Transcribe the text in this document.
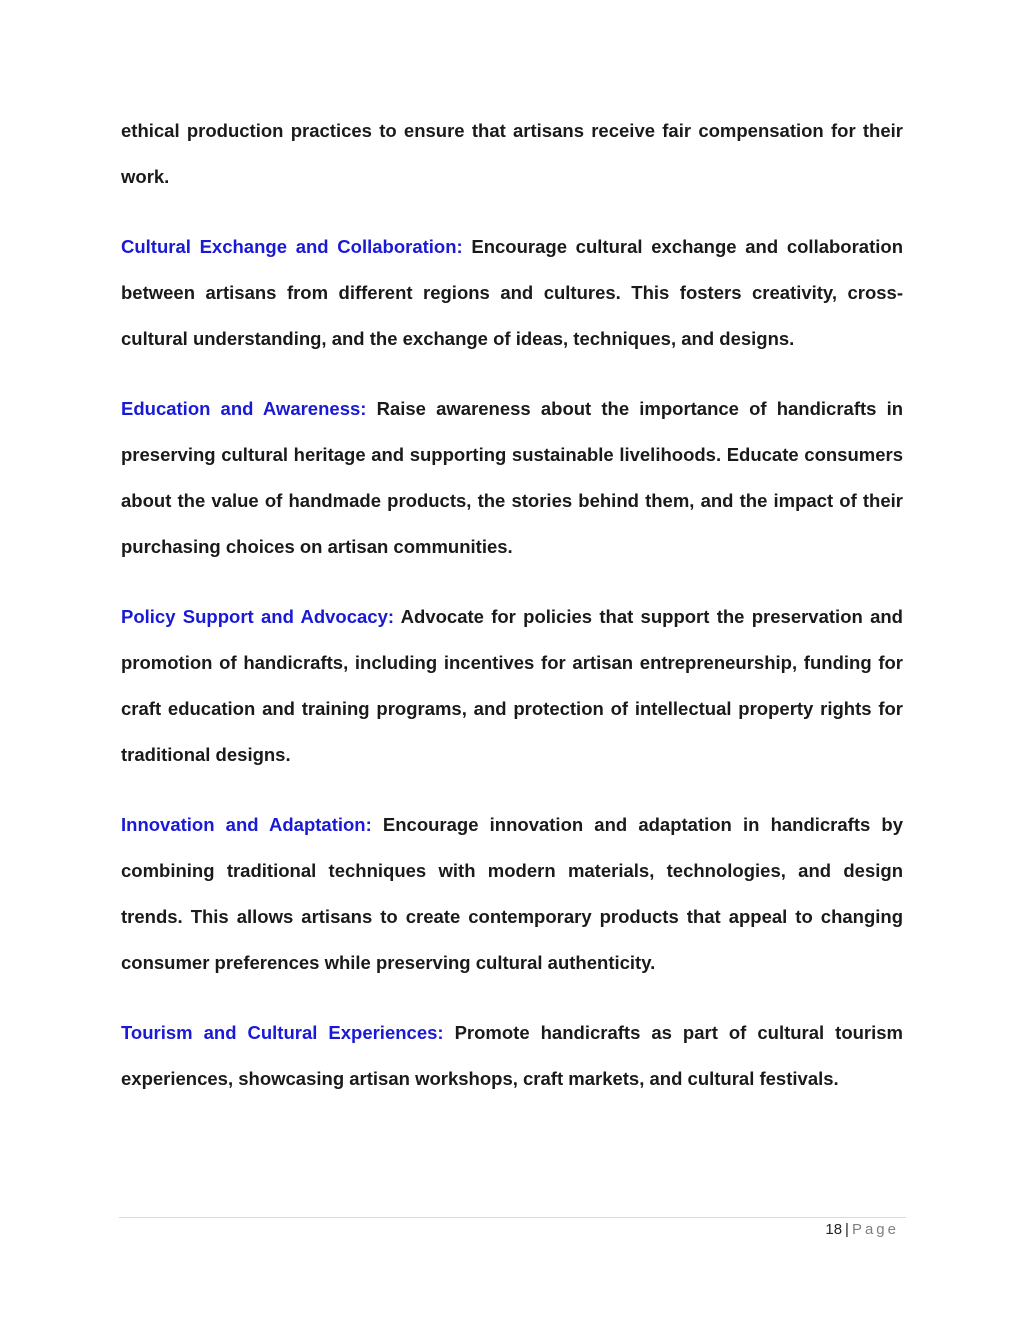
ethical production practices to ensure that artisans receive fair compensation for their work.

Cultural Exchange and Collaboration: Encourage cultural exchange and collaboration between artisans from different regions and cultures. This fosters creativity, cross-cultural understanding, and the exchange of ideas, techniques, and designs.

Education and Awareness: Raise awareness about the importance of handicrafts in preserving cultural heritage and supporting sustainable livelihoods. Educate consumers about the value of handmade products, the stories behind them, and the impact of their purchasing choices on artisan communities.

Policy Support and Advocacy: Advocate for policies that support the preservation and promotion of handicrafts, including incentives for artisan entrepreneurship, funding for craft education and training programs, and protection of intellectual property rights for traditional designs.

Innovation and Adaptation: Encourage innovation and adaptation in handicrafts by combining traditional techniques with modern materials, technologies, and design trends. This allows artisans to create contemporary products that appeal to changing consumer preferences while preserving cultural authenticity.

Tourism and Cultural Experiences: Promote handicrafts as part of cultural tourism experiences, showcasing artisan workshops, craft markets, and cultural festivals.

18 | Page
